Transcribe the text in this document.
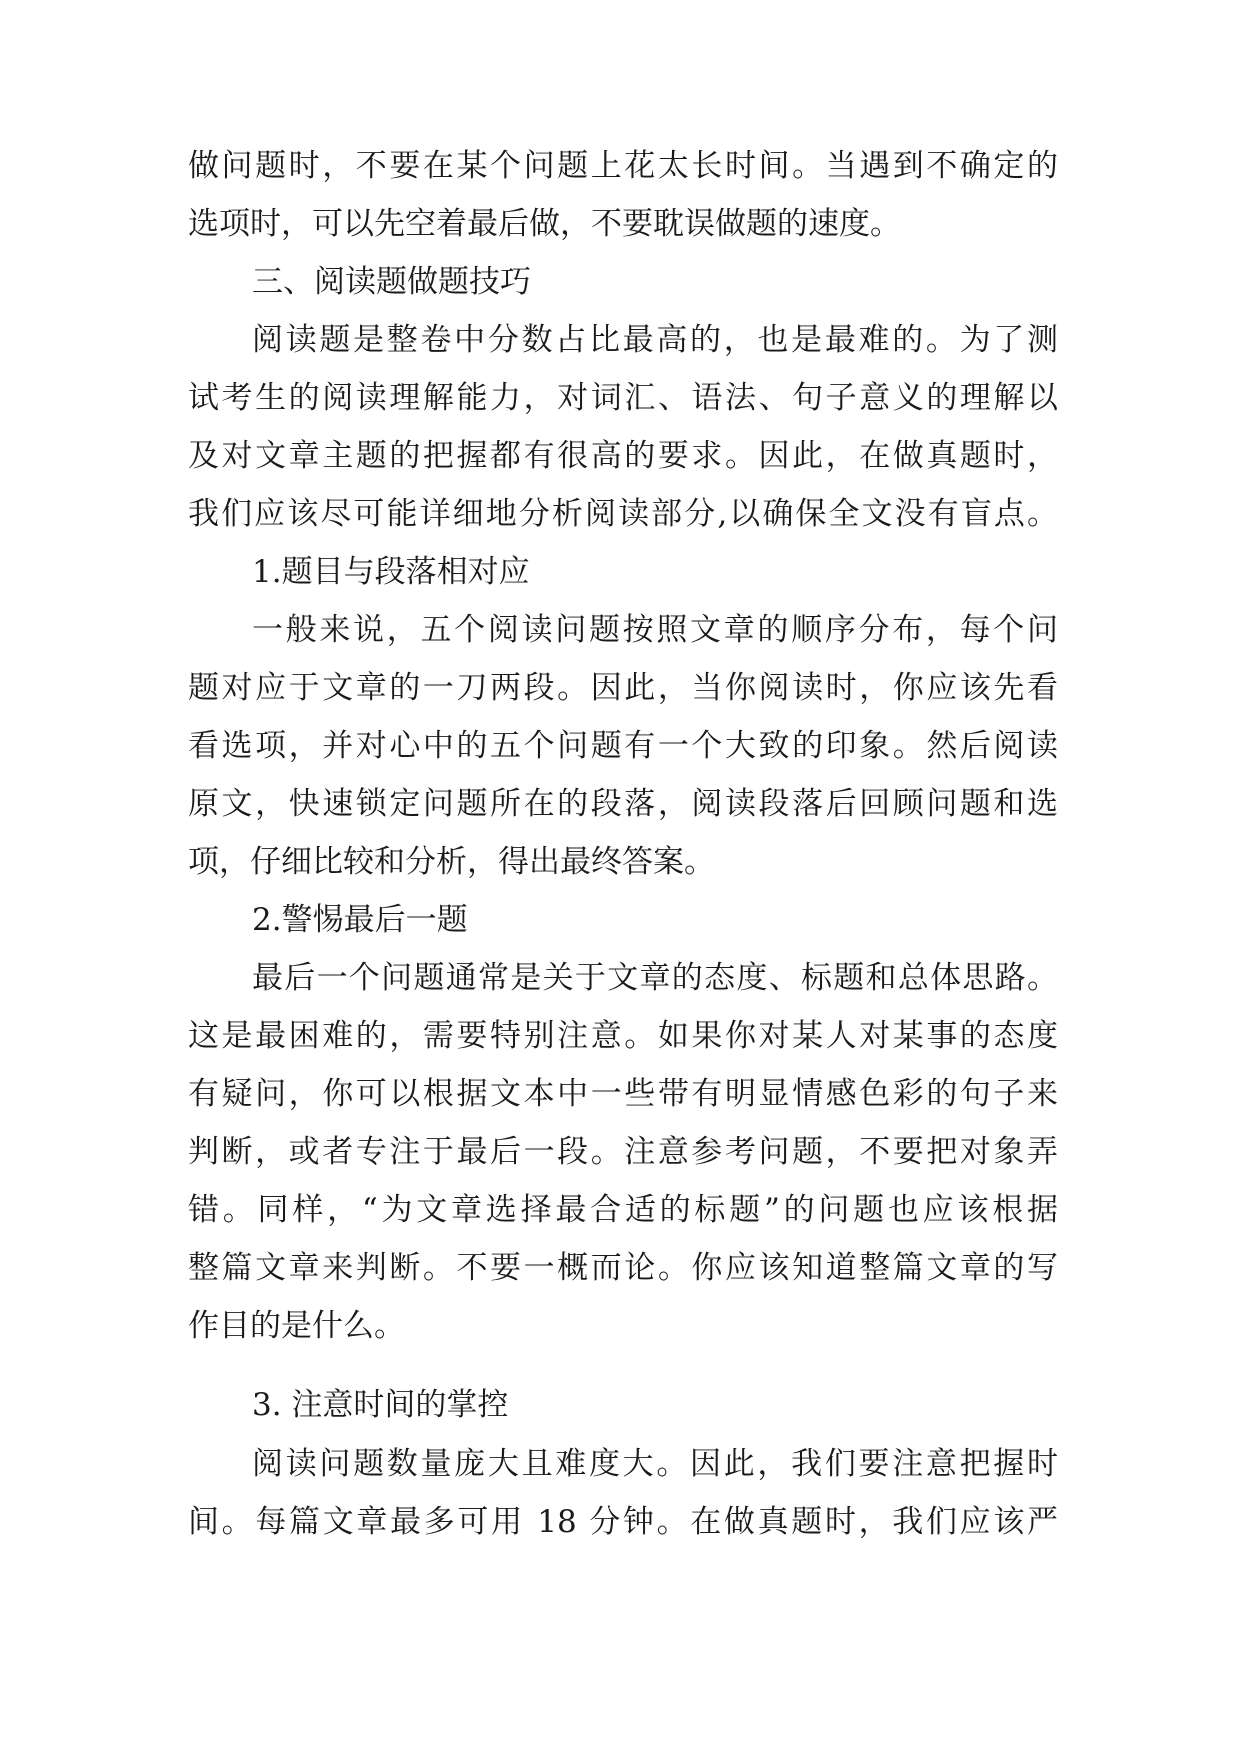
做问题时，不要在某个问题上花太长时间。当遇到不确定的
选项时，可以先空着最后做，不要耽误做题的速度。
三、阅读题做题技巧
阅读题是整卷中分数占比最高的，也是最难的。为了测
试考生的阅读理解能力，对词汇、语法、句子意义的理解以
及对文章主题的把握都有很高的要求。因此，在做真题时，
我们应该尽可能详细地分析阅读部分,以确保全文没有盲点。
1.题目与段落相对应
一般来说，五个阅读问题按照文章的顺序分布，每个问
题对应于文章的一刀两段。因此，当你阅读时，你应该先看
看选项，并对心中的五个问题有一个大致的印象。然后阅读
原文，快速锁定问题所在的段落，阅读段落后回顾问题和选
项，仔细比较和分析，得出最终答案。
2.警惕最后一题
最后一个问题通常是关于文章的态度、标题和总体思路。
这是最困难的，需要特别注意。如果你对某人对某事的态度
有疑问，你可以根据文本中一些带有明显情感色彩的句子来
判断，或者专注于最后一段。注意参考问题，不要把对象弄
错。同样，“为文章选择最合适的标题”的问题也应该根据
整篇文章来判断。不要一概而论。你应该知道整篇文章的写
作目的是什么。
3. 注意时间的掌控
阅读问题数量庞大且难度大。因此，我们要注意把握时
间。每篇文章最多可用 18 分钟。在做真题时，我们应该严
